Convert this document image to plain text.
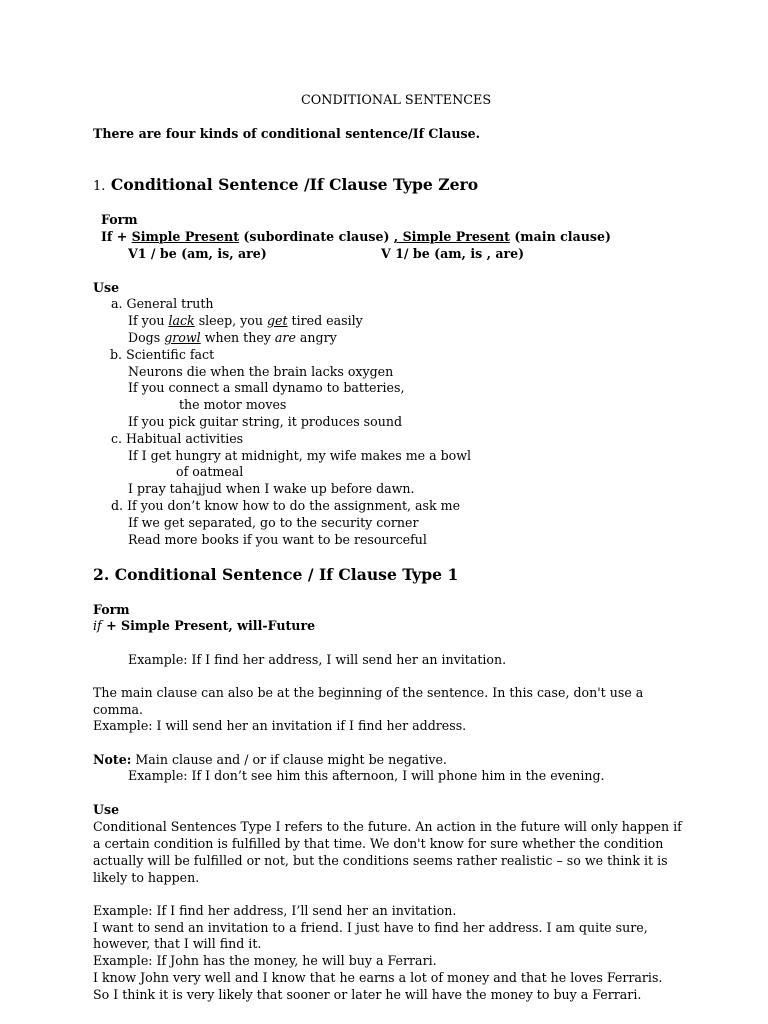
CONDITIONAL SENTENCES
There are four kinds of conditional sentence/If Clause.
1. Conditional Sentence /If Clause Type Zero
Form
If + Simple Present (subordinate clause) , Simple Present (main clause)
V1 / be (am, is, are)	V 1/ be (am, is , are)
Use
a. General truth
If you lack sleep, you get tired easily
Dogs growl when they are angry
b. Scientific fact
Neurons die when the brain lacks oxygen
If you connect a small dynamo to batteries,
the motor moves
If you pick guitar string, it produces sound
c. Habitual activities
If I get hungry at midnight, my wife makes me a bowl
of oatmeal
I pray tahajjud when I wake up before dawn.
d. If you don’t know how to do the assignment, ask me
If we get separated, go to the security corner
Read more books if you want to be resourceful
2. Conditional Sentence / If Clause Type 1
Form
if + Simple Present, will-Future
Example: If I find her address, I will send her an invitation.
The main clause can also be at the beginning of the sentence. In this case, don't use a
comma.
Example: I will send her an invitation if I find her address.
Note: Main clause and / or if clause might be negative.
Example: If I don’t see him this afternoon, I will phone him in the evening.
Use
Conditional Sentences Type I refers to the future. An action in the future will only happen if
a certain condition is fulfilled by that time. We don't know for sure whether the condition
actually will be fulfilled or not, but the conditions seems rather realistic – so we think it is
likely to happen.
Example: If I find her address, I’ll send her an invitation.
I want to send an invitation to a friend. I just have to find her address. I am quite sure,
however, that I will find it.
Example: If John has the money, he will buy a Ferrari.
I know John very well and I know that he earns a lot of money and that he loves Ferraris.
So I think it is very likely that sooner or later he will have the money to buy a Ferrari.
